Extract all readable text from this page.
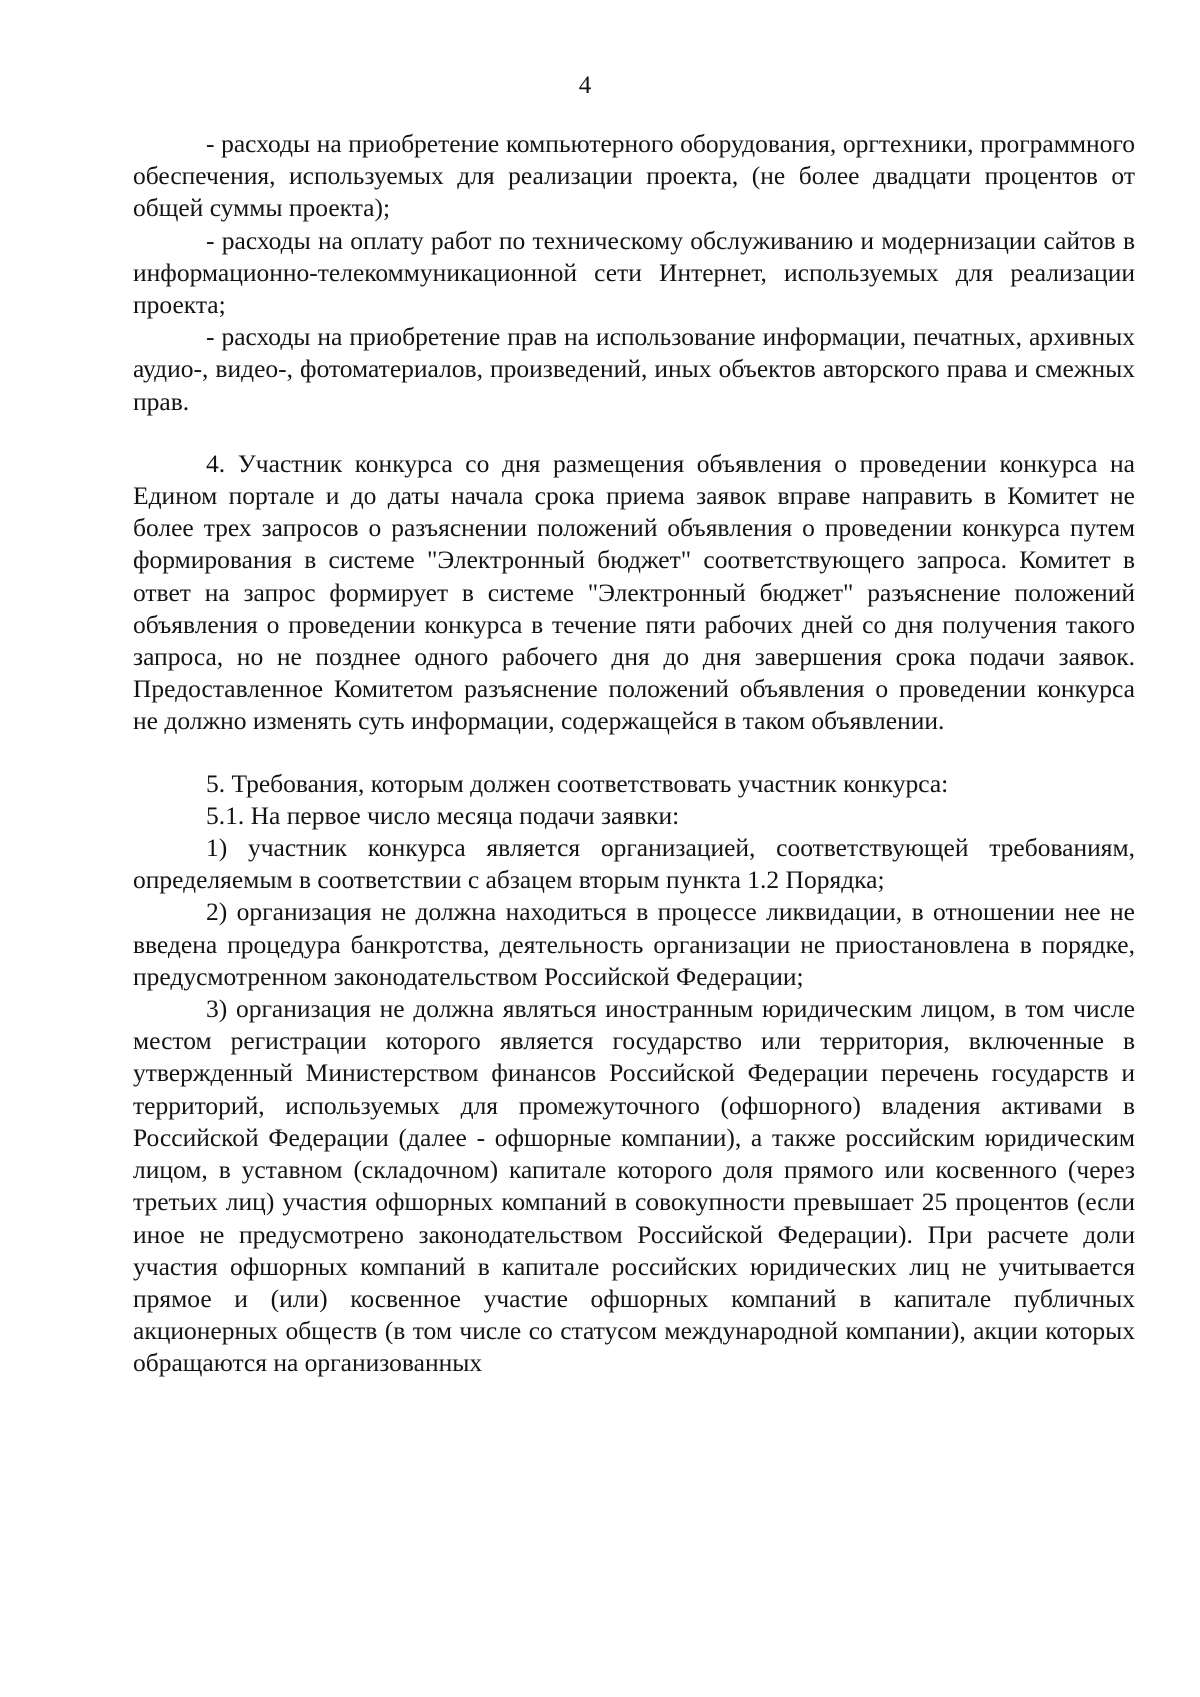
4

- расходы на приобретение компьютерного оборудования, оргтехники, программного обеспечения, используемых для реализации проекта, (не более двадцати процентов от общей суммы проекта);

- расходы на оплату работ по техническому обслуживанию и модернизации сайтов в информационно-телекоммуникационной сети Интернет, используемых для реализации проекта;

- расходы на приобретение прав на использование информации, печатных, архивных аудио-, видео-, фотоматериалов, произведений, иных объектов авторского права и смежных прав.

4. Участник конкурса со дня размещения объявления о проведении конкурса на Едином портале и до даты начала срока приема заявок вправе направить в Комитет не более трех запросов о разъяснении положений объявления о проведении конкурса путем формирования в системе "Электронный бюджет" соответствующего запроса. Комитет в ответ на запрос формирует в системе "Электронный бюджет" разъяснение положений объявления о проведении конкурса в течение пяти рабочих дней со дня получения такого запроса, но не позднее одного рабочего дня до дня завершения срока подачи заявок. Предоставленное Комитетом разъяснение положений объявления о проведении конкурса не должно изменять суть информации, содержащейся в таком объявлении.

5. Требования, которым должен соответствовать участник конкурса:

5.1. На первое число месяца подачи заявки:

1) участник конкурса является организацией, соответствующей требованиям, определяемым в соответствии с абзацем вторым пункта 1.2 Порядка;

2) организация не должна находиться в процессе ликвидации, в отношении нее не введена процедура банкротства, деятельность организации не приостановлена в порядке, предусмотренном законодательством Российской Федерации;

3) организация не должна являться иностранным юридическим лицом, в том числе местом регистрации которого является государство или территория, включенные в утвержденный Министерством финансов Российской Федерации перечень государств и территорий, используемых для промежуточного (офшорного) владения активами в Российской Федерации (далее - офшорные компании), а также российским юридическим лицом, в уставном (складочном) капитале которого доля прямого или косвенного (через третьих лиц) участия офшорных компаний в совокупности превышает 25 процентов (если иное не предусмотрено законодательством Российской Федерации). При расчете доли участия офшорных компаний в капитале российских юридических лиц не учитывается прямое и (или) косвенное участие офшорных компаний в капитале публичных акционерных обществ (в том числе со статусом международной компании), акции которых обращаются на организованных
